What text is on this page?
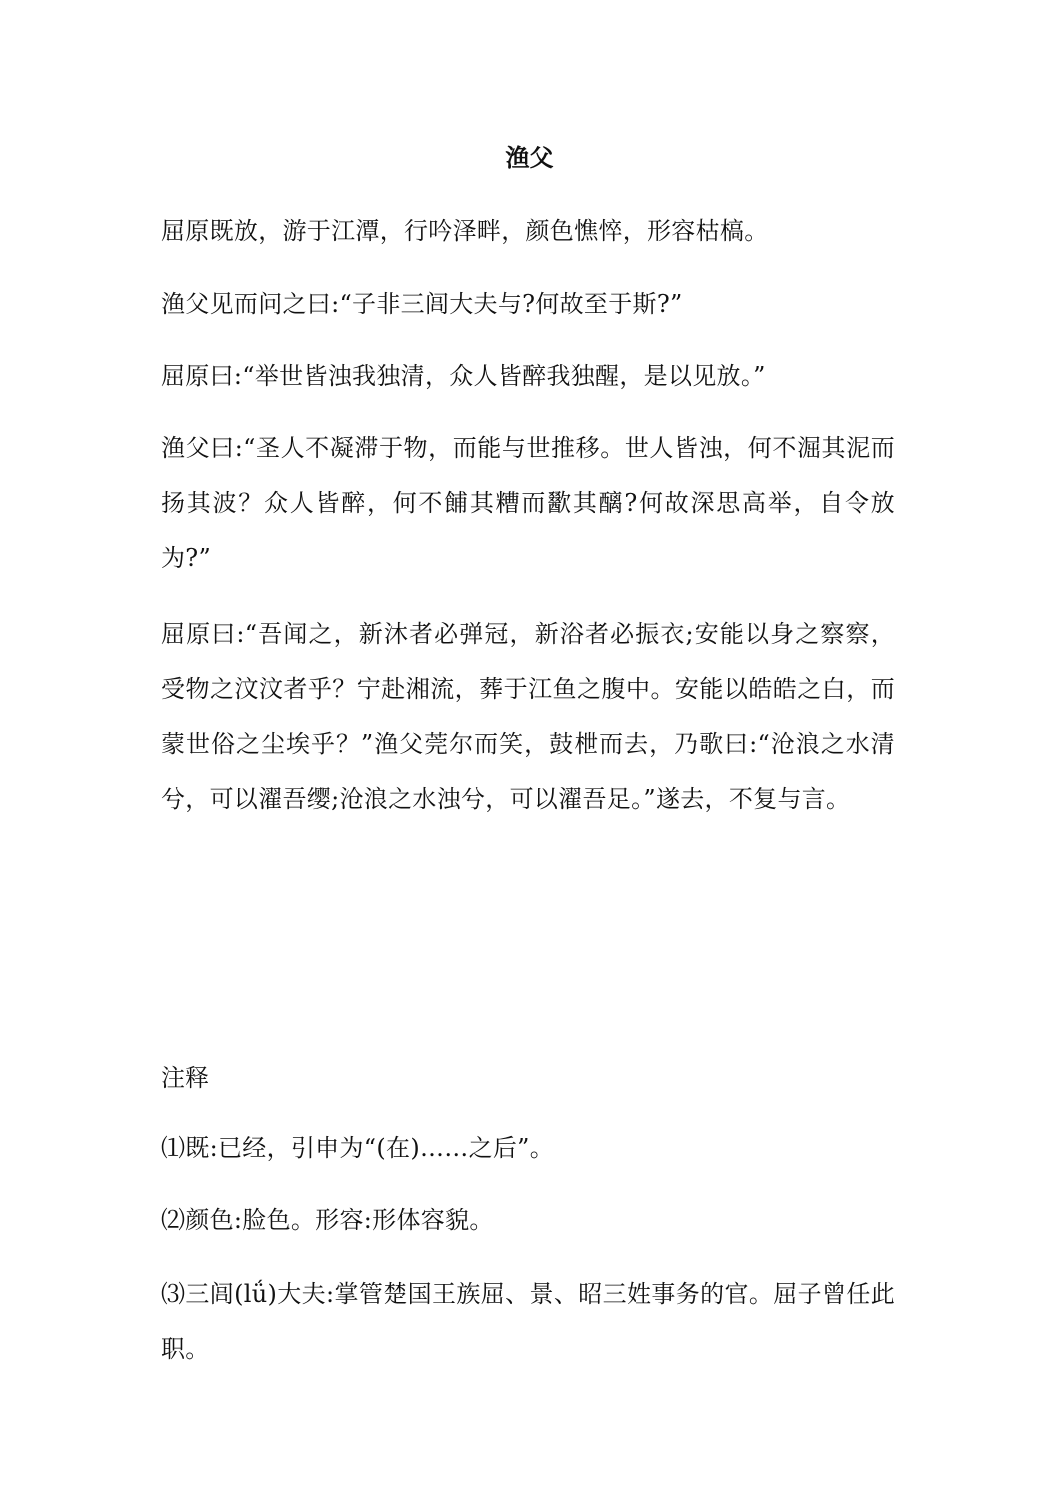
渔父

屈原既放，游于江潭，行吟泽畔，颜色憔悴，形容枯槁。

渔父见而问之曰:“子非三闾大夫与?何故至于斯?”

屈原曰:“举世皆浊我独清，众人皆醉我独醒，是以见放。”

渔父曰:“圣人不凝滞于物，而能与世推移。世人皆浊，何不淈其泥而扬其波？众人皆醉，何不餔其糟而歠其醨?何故深思高举，自令放为?”

屈原曰:“吾闻之，新沐者必弹冠，新浴者必振衣;安能以身之察察，受物之汶汶者乎？宁赴湘流，葬于江鱼之腹中。安能以皓皓之白，而蒙世俗之尘埃乎？”渔父莞尔而笑，鼓枻而去，乃歌曰:“沧浪之水清兮，可以濯吾缨;沧浪之水浊兮，可以濯吾足。”遂去，不复与言。

注释

⑴既:已经，引申为“(在)……之后”。

⑵颜色:脸色。形容:形体容貌。

⑶三闾(lǘ)大夫:掌管楚国王族屈、景、昭三姓事务的官。屈子曾任此职。
